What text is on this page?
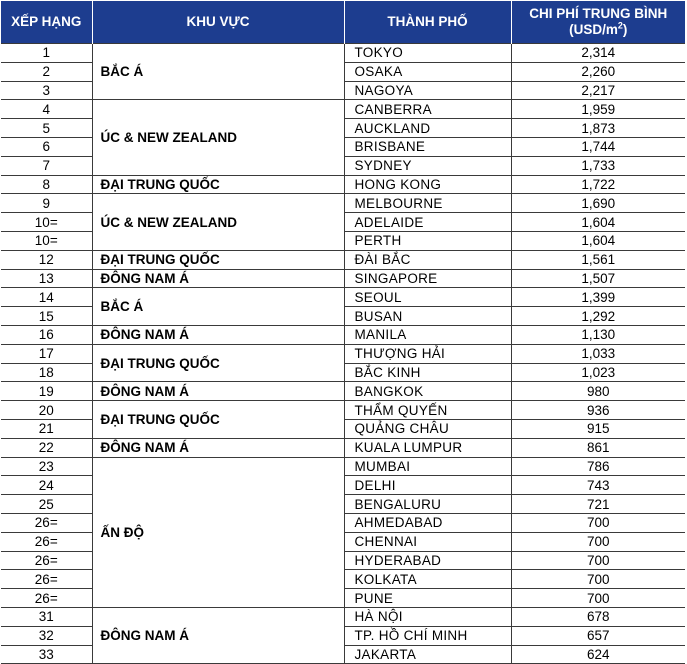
XẾP HẠNG	KHU VỰC	THÀNH PHỐ	CHI PHÍ TRUNG BÌNH
$(USD/m^2)$
1	BẮC Á	TOKYO	2,314
2		OSAKA	2,260
3		NAGOYA	2,217
4	ÚC & NEW ZEALAND	CANBERRA	1,959
5		AUCKLAND	1,873
6		BRISBANE	1,744
7		SYDNEY	1,733
8	ĐẠI TRUNG QUỐC	HONG KONG	1,722
9	ÚC & NEW ZEALAND	MELBOURNE	1,690
10=		ADELAIDE	1,604
10=		PERTH	1,604
12	ĐẠI TRUNG QUỐC	ĐÀI BẮC	1,561
13	ĐÔNG NAM Á	SINGAPORE	1,507
14	BẮC Á	SEOUL	1,399
15		BUSAN	1,292
16	ĐÔNG NAM Á	MANILA	1,130
17	ĐẠI TRUNG QUỐC	THƯỢNG HẢI	1,033
18		BẮC KINH	1,023
19	ĐÔNG NAM Á	BANGKOK	980
20	ĐẠI TRUNG QUỐC	THẨM QUYẾN	936
21		QUẢNG CHÂU	915
22	ĐÔNG NAM Á	KUALA LUMPUR	861
23	ẤN ĐỘ	MUMBAI	786
24		DELHI	743
25		BENGALURU	721
26=		AHMEDABAD	700
26=		CHENNAI	700
26=		HYDERABAD	700
26=		KOLKATA	700
26=		PUNE	700
31	ĐÔNG NAM Á	HÀ NỘI	678
32		TP. HỒ CHÍ MINH	657
33		JAKARTA	624
